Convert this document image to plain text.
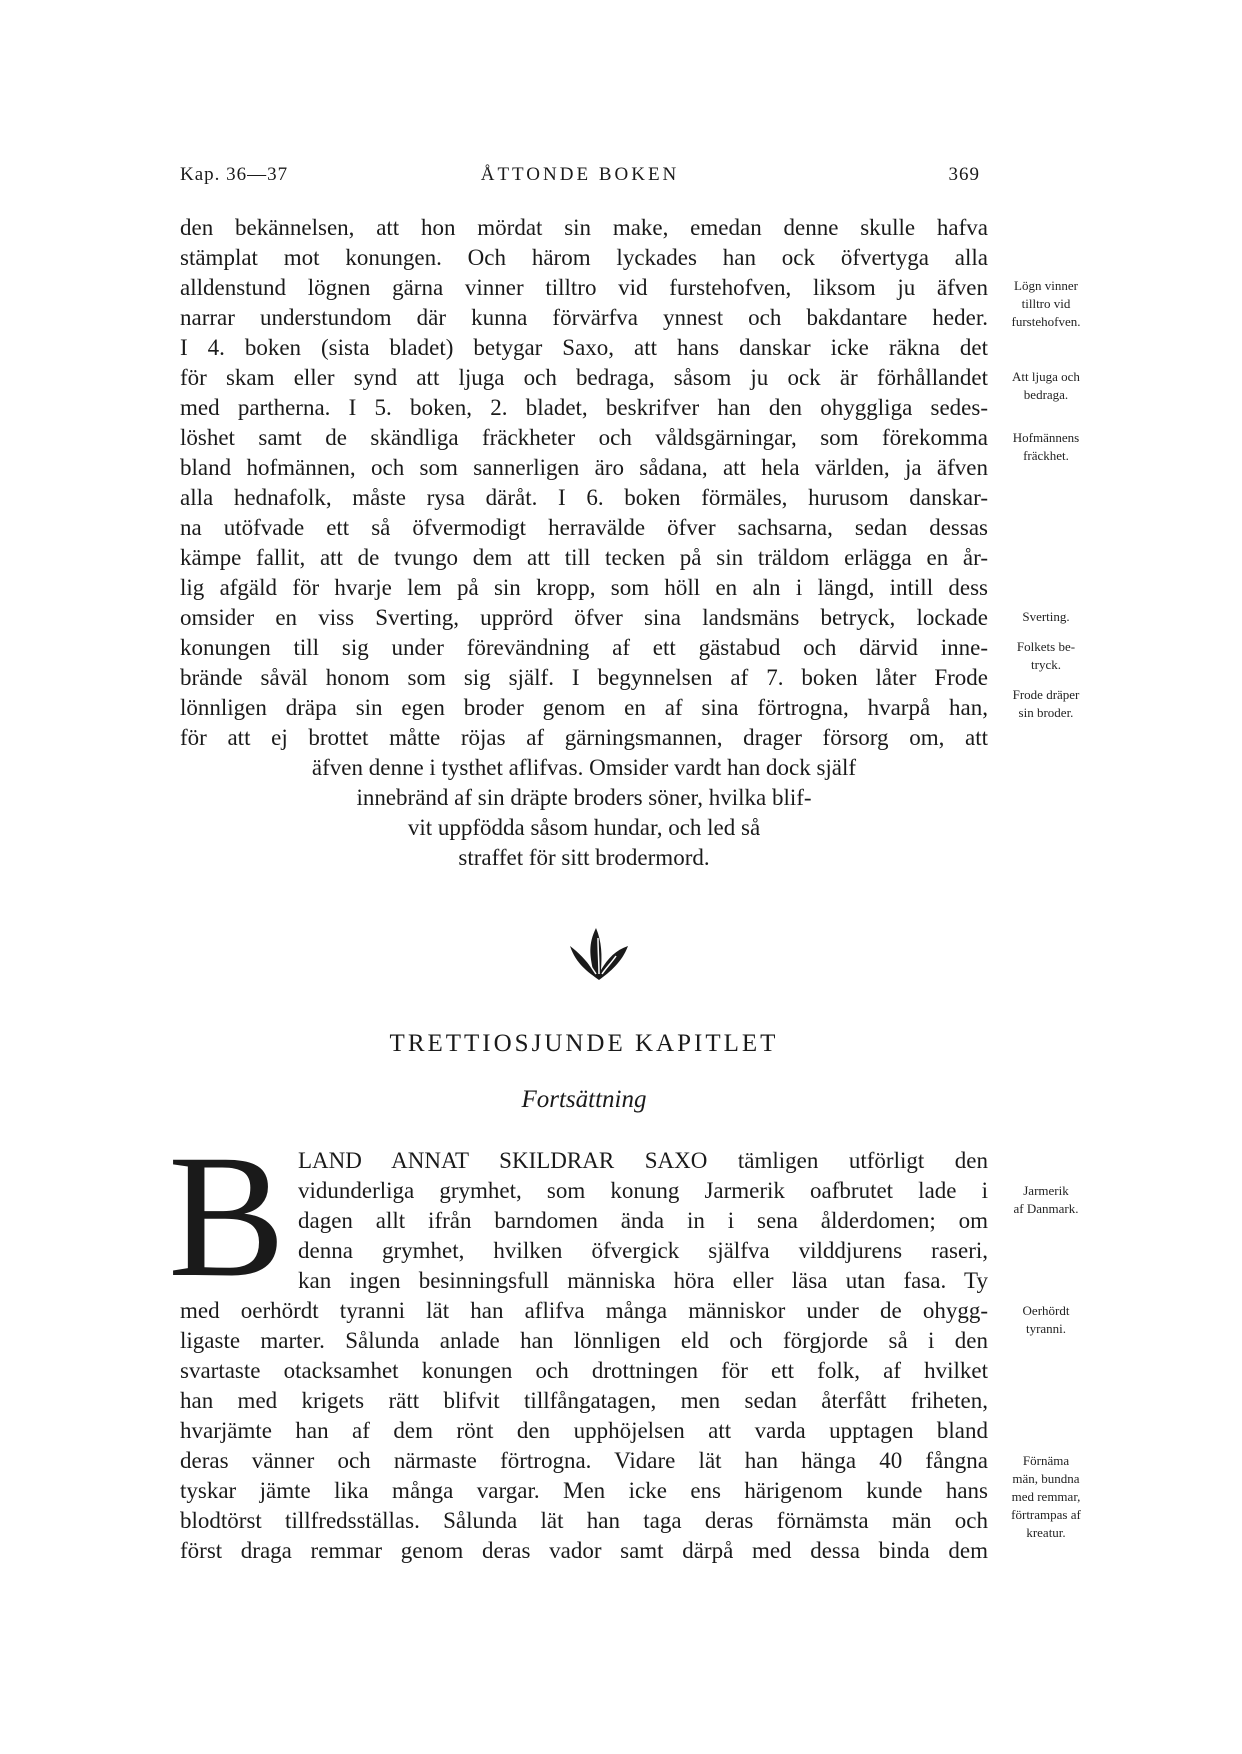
Kap. 36—37	ÅTTONDE BOKEN	369
den bekännelsen, att hon mördat sin make, emedan denne skulle hafva
stämplat mot konungen. Och härom lyckades han ock öfvertyga alla
alldenstund lögnen gärna vinner tilltro vid furstehofven, liksom ju äfven
narrar understundom där kunna förvärfva ynnest och bakdantare heder.
I 4. boken (sista bladet) betygar Saxo, att hans danskar icke räkna det
för skam eller synd att ljuga och bedraga, såsom ju ock är förhållandet
med partherna. I 5. boken, 2. bladet, beskrifver han den ohyggliga sedes-
löshet samt de skändliga fräckheter och våldsgärningar, som förekomma
bland hofmännen, och som sannerligen äro sådana, att hela världen, ja äfven
alla hednafolk, måste rysa däråt. I 6. boken förmäles, hurusom danskar-
na utöfvade ett så öfvermodigt herravälde öfver sachsarna, sedan dessas
kämpe fallit, att de tvungo dem att till tecken på sin träldom erlägga en år-
lig afgäld för hvarje lem på sin kropp, som höll en aln i längd, intill dess
omsider en viss Sverting, upprörd öfver sina landsmäns betryck, lockade
konungen till sig under förevändning af ett gästabud och därvid inne-
brände såväl honom som sig själf. I begynnelsen af 7. boken låter Frode
lönnligen dräpa sin egen broder genom en af sina förtrogna, hvarpå han,
för att ej brottet måtte röjas af gärningsmannen, drager försorg om, att
äfven denne i tysthet aflifvas. Omsider vardt han dock själf
innebränd af sin dräpte broders söner, hvilka blif-
vit uppfödda såsom hundar, och led så
straffet för sitt brodermord.
TRETTIOSJUNDE KAPITLET
Fortsättning
B LAND ANNAT SKILDRAR SAXO tämligen utförligt den
vidunderliga grymhet, som konung Jarmerik oafbrutet lade i
dagen allt ifrån barndomen ända in i sena ålderdomen; om
denna grymhet, hvilken öfvergick själfva vilddjurens raseri,
kan ingen besinningsfull människa höra eller läsa utan fasa. Ty
med oerhördt tyranni lät han aflifva många människor under de ohygg-
ligaste marter. Sålunda anlade han lönnligen eld och förgjorde så i den
svartaste otacksamhet konungen och drottningen för ett folk, af hvilket
han med krigets rätt blifvit tillfångatagen, men sedan återfått friheten,
hvarjämte han af dem rönt den upphöjelsen att varda upptagen bland
deras vänner och närmaste förtrogna. Vidare lät han hänga 40 fångna
tyskar jämte lika många vargar. Men icke ens härigenom kunde hans
blodtörst tillfredsställas. Sålunda lät han taga deras förnämsta män och
först draga remmar genom deras vador samt därpå med dessa binda dem
Lögn vinner
tilltro vid
furstehofven.
Att ljuga och
bedraga.
Hofmännens
fräckhet.
Sverting.
Folkets be-
tryck.
Frode dräper
sin broder.
Jarmerik
af Danmark.
Oerhördt
tyranni.
Förnäma
män, bundna
med remmar,
förtrampas af
kreatur.
